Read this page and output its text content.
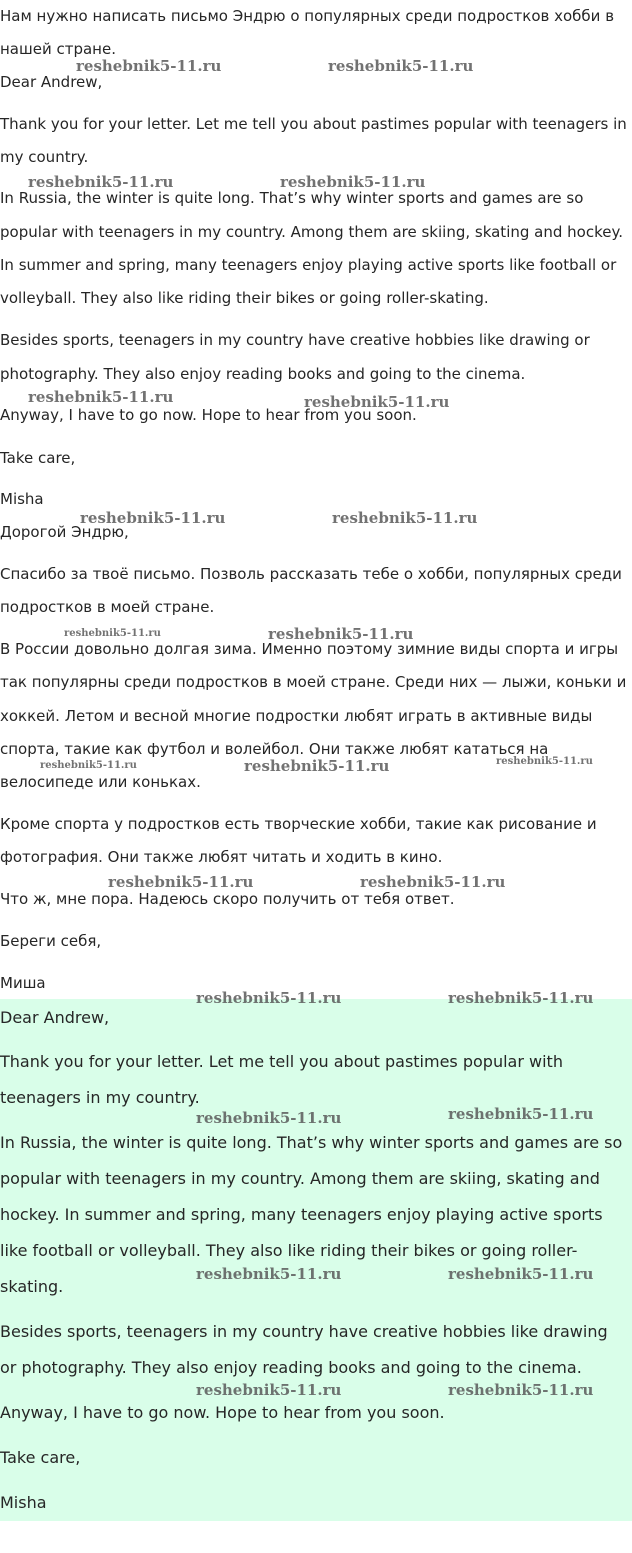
Нам нужно написать письмо Эндрю о популярных среди подростков хобби в

нашей стране.

Dear Andrew,

Thank you for your letter. Let me tell you about pastimes popular with teenagers in

my country.

In Russia, the winter is quite long. That’s why winter sports and games are so

popular with teenagers in my country. Among them are skiing, skating and hockey.

In summer and spring, many teenagers enjoy playing active sports like football or

volleyball. They also like riding their bikes or going roller-skating.

Besides sports, teenagers in my country have creative hobbies like drawing or

photography. They also enjoy reading books and going to the cinema.

Anyway, I have to go now. Hope to hear from you soon.

Take care,

Misha

Дорогой Эндрю,

Спасибо за твоё письмо. Позволь рассказать тебе о хобби, популярных среди

подростков в моей стране.

В России довольно долгая зима. Именно поэтому зимние виды спорта и игры

так популярны среди подростков в моей стране. Среди них — лыжи, коньки и

хоккей. Летом и весной многие подростки любят играть в активные виды

спорта, такие как футбол и волейбол. Они также любят кататься на

велосипеде или коньках.

Кроме спорта у подростков есть творческие хобби, такие как рисование и

фотография. Они также любят читать и ходить в кино.

Что ж, мне пора. Надеюсь скоро получить от тебя ответ.

Береги себя,

Миша

Dear Andrew,

Thank you for your letter. Let me tell you about pastimes popular with

teenagers in my country.

In Russia, the winter is quite long. That’s why winter sports and games are so

popular with teenagers in my country. Among them are skiing, skating and

hockey. In summer and spring, many teenagers enjoy playing active sports

like football or volleyball. They also like riding their bikes or going roller-

skating.

Besides sports, teenagers in my country have creative hobbies like drawing

or photography. They also enjoy reading books and going to the cinema.

Anyway, I have to go now. Hope to hear from you soon.

Take care,

Misha

reshebnik5-11.ru	reshebnik5-11.ru
reshebnik5-11.ru	reshebnik5-11.ru
reshebnik5-11.ru	reshebnik5-11.ru
reshebnik5-11.ru	reshebnik5-11.ru
reshebnik5-11.ru	reshebnik5-11.ru
reshebnik5-11.ru	reshebnik5-11.ru	reshebnik5-11.ru
reshebnik5-11.ru	reshebnik5-11.ru
reshebnik5-11.ru	reshebnik5-11.ru
reshebnik5-11.ru	reshebnik5-11.ru
reshebnik5-11.ru	reshebnik5-11.ru
reshebnik5-11.ru	reshebnik5-11.ru
